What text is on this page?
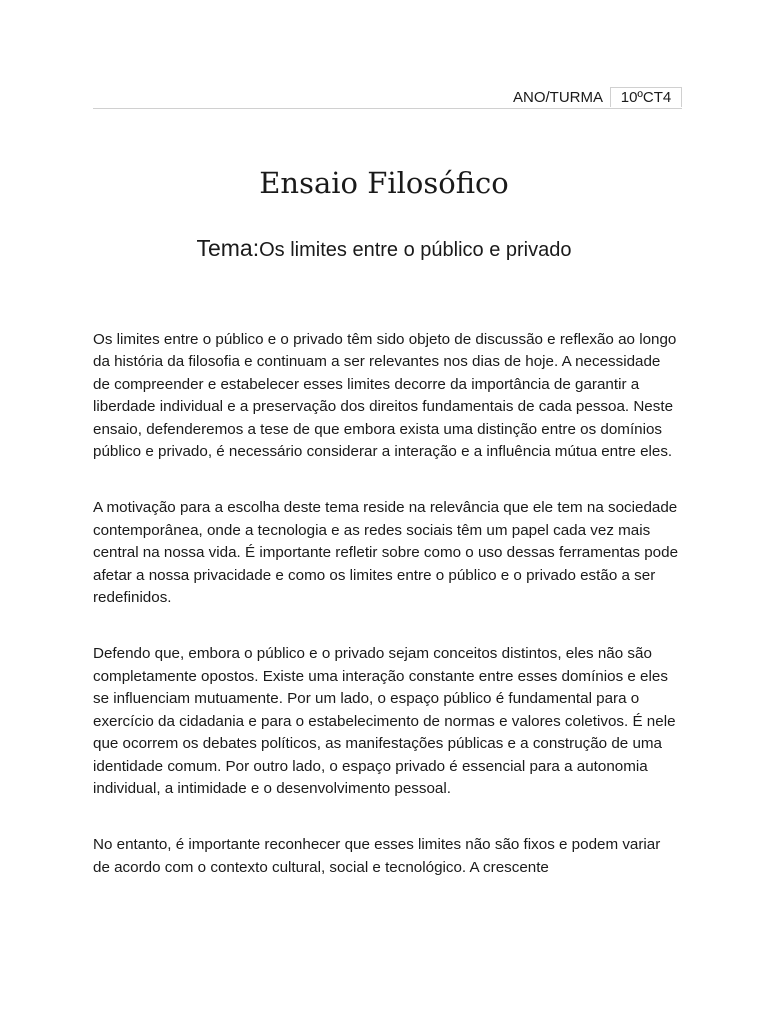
ANO/TURMA	10ºCT4
Ensaio Filosófico
Tema:Os limites entre o público e privado

Os limites entre o público e o privado têm sido objeto de discussão e reflexão ao longo da história da filosofia e continuam a ser relevantes nos dias de hoje. A necessidade de compreender e estabelecer esses limites decorre da importância de garantir a liberdade individual e a preservação dos direitos fundamentais de cada pessoa. Neste ensaio, defenderemos a tese de que embora exista uma distinção entre os domínios público e privado, é necessário considerar a interação e a influência mútua entre eles.

A motivação para a escolha deste tema reside na relevância que ele tem na sociedade contemporânea, onde a tecnologia e as redes sociais têm um papel cada vez mais central na nossa vida. É importante refletir sobre como o uso dessas ferramentas pode afetar a nossa privacidade e como os limites entre o público e o privado estão a ser redefinidos.

Defendo que, embora o público e o privado sejam conceitos distintos, eles não são completamente opostos. Existe uma interação constante entre esses domínios e eles se influenciam mutuamente. Por um lado, o espaço público é fundamental para o exercício da cidadania e para o estabelecimento de normas e valores coletivos. É nele que ocorrem os debates políticos, as manifestações públicas e a construção de uma identidade comum. Por outro lado, o espaço privado é essencial para a autonomia individual, a intimidade e o desenvolvimento pessoal.

No entanto, é importante reconhecer que esses limites não são fixos e podem variar de acordo com o contexto cultural, social e tecnológico. A crescente
